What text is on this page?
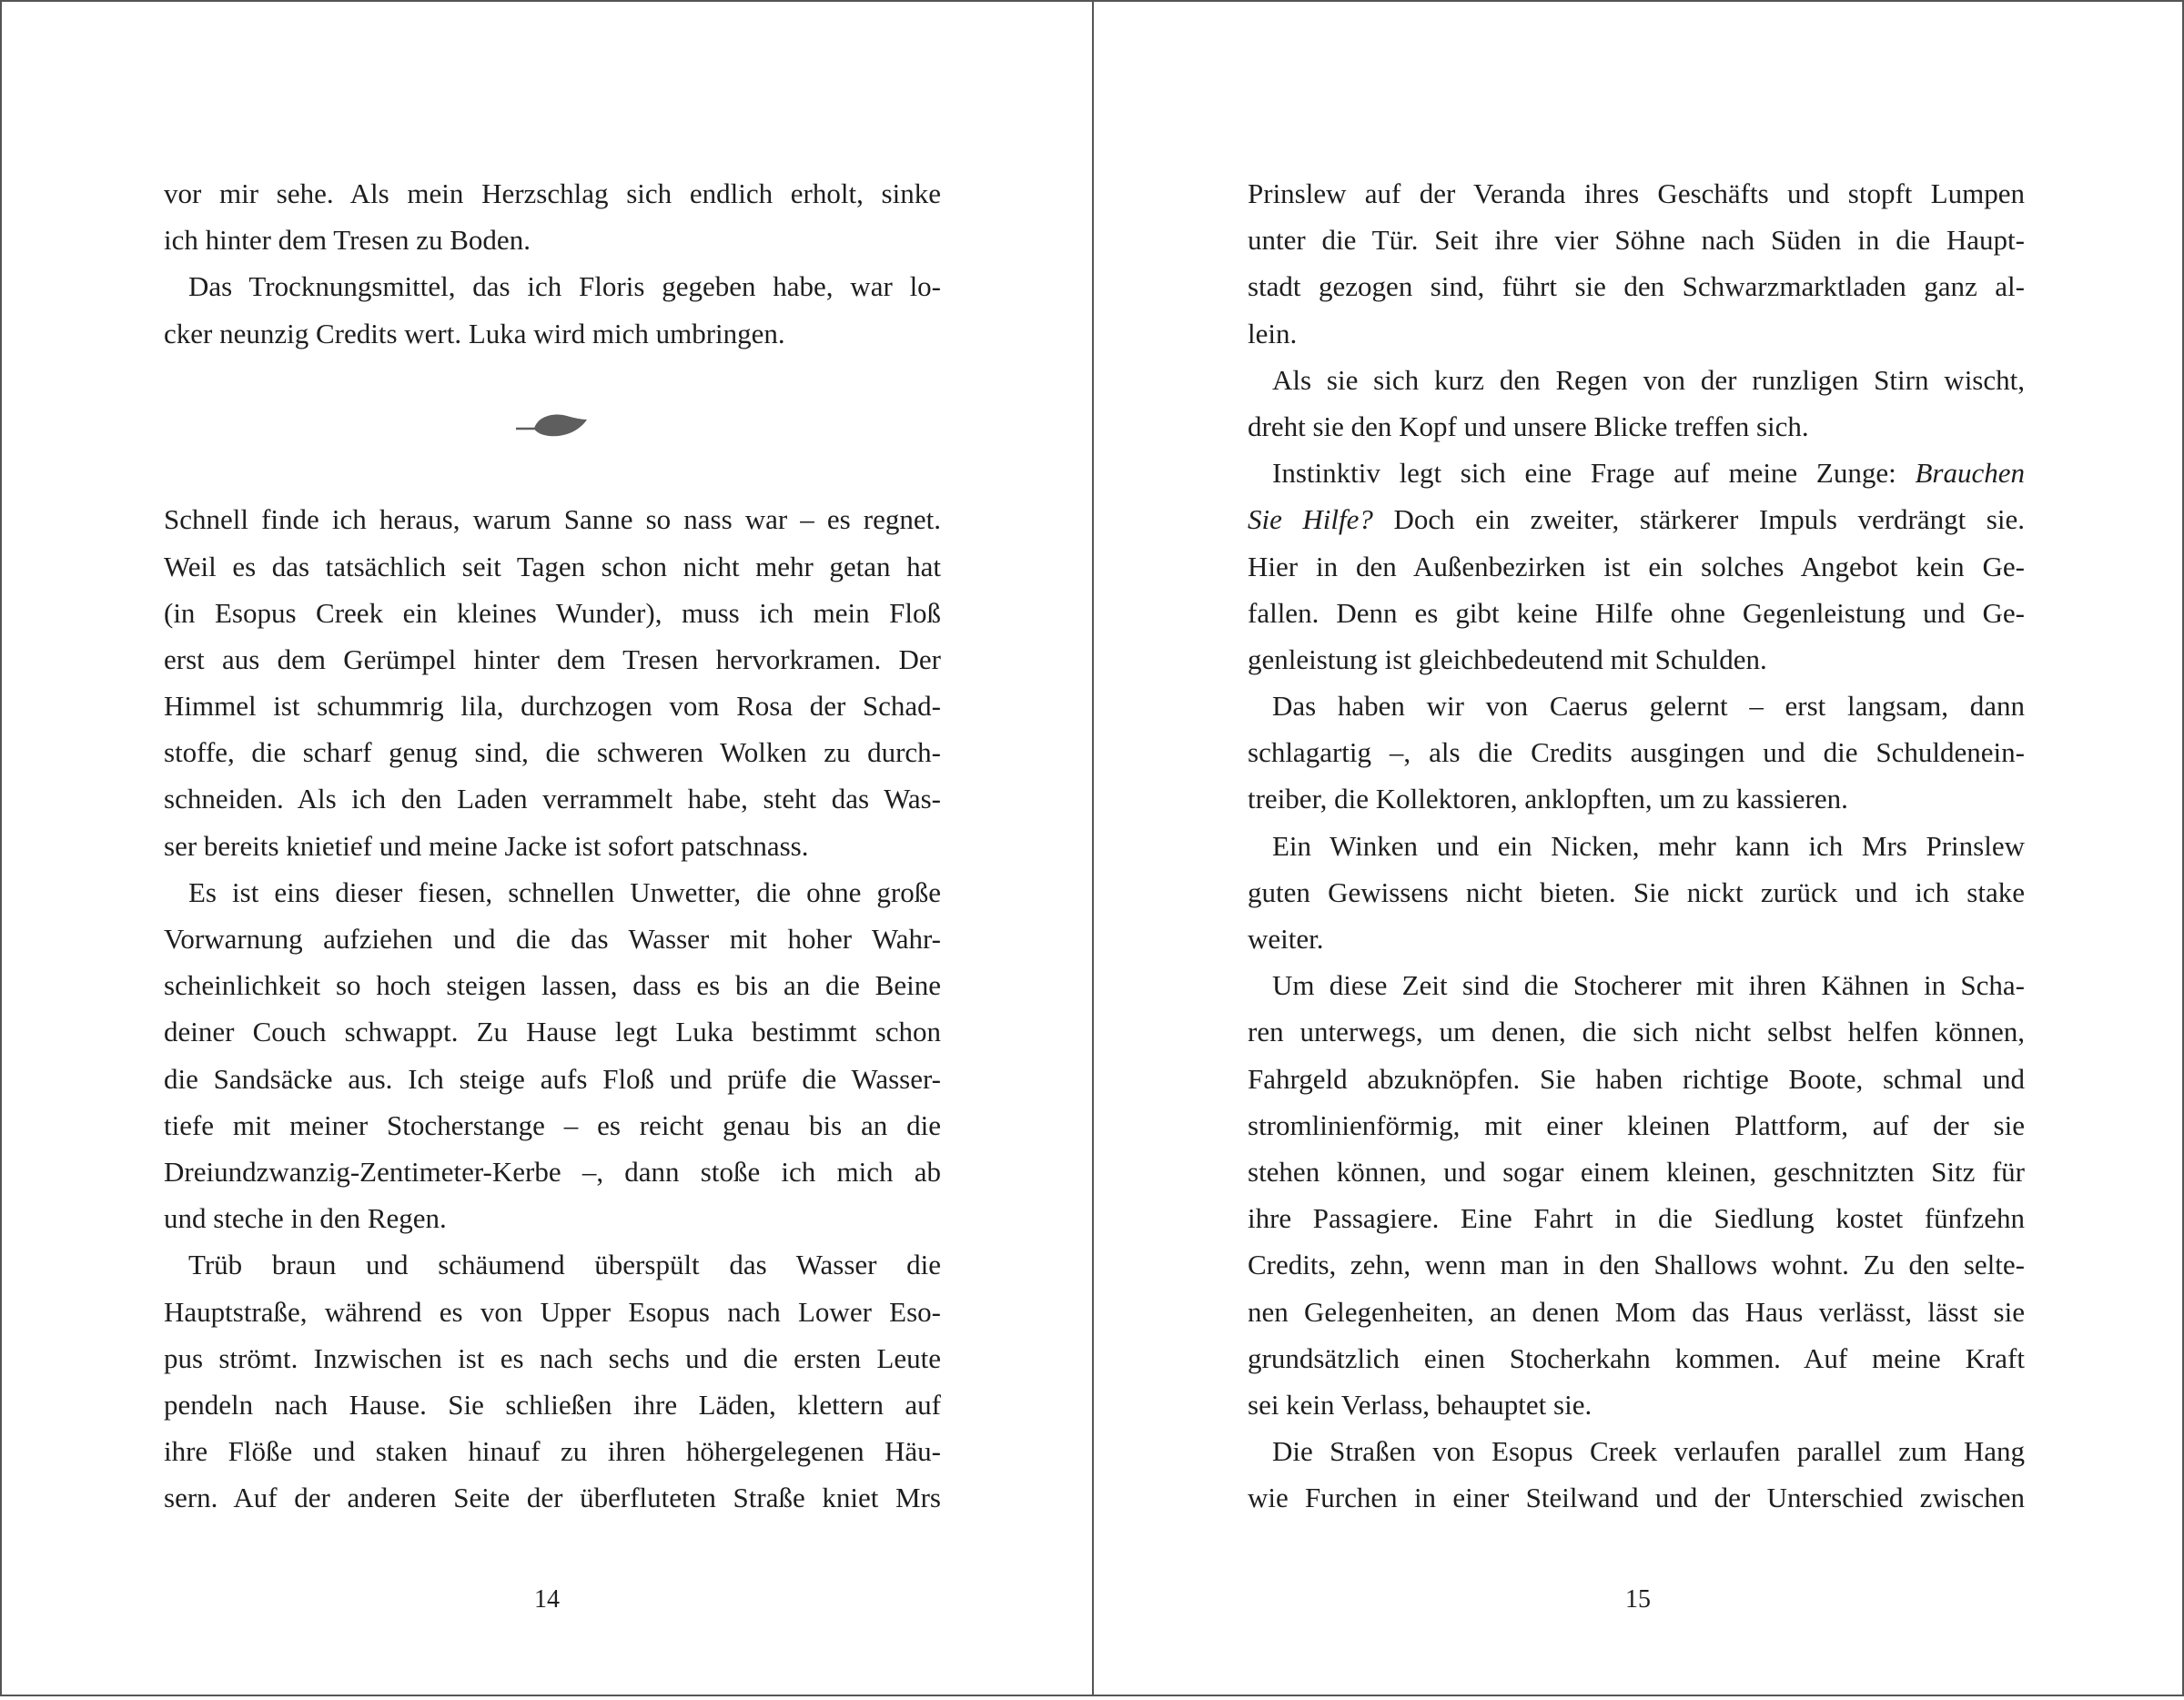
vor mir sehe. Als mein Herzschlag sich endlich erholt, sinke
ich hinter dem Tresen zu Boden.
Das Trocknungsmittel, das ich Floris gegeben habe, war lo-
cker neunzig Credits wert. Luka wird mich umbringen.
Schnell finde ich heraus, warum Sanne so nass war – es regnet.
Weil es das tatsächlich seit Tagen schon nicht mehr getan hat
(in Esopus Creek ein kleines Wunder), muss ich mein Floß
erst aus dem Gerümpel hinter dem Tresen hervorkramen. Der
Himmel ist schummrig lila, durchzogen vom Rosa der Schad-
stoffe, die scharf genug sind, die schweren Wolken zu durch-
schneiden. Als ich den Laden verrammelt habe, steht das Was-
ser bereits knietief und meine Jacke ist sofort patschnass.
Es ist eins dieser fiesen, schnellen Unwetter, die ohne große
Vorwarnung aufziehen und die das Wasser mit hoher Wahr-
scheinlichkeit so hoch steigen lassen, dass es bis an die Beine
deiner Couch schwappt. Zu Hause legt Luka bestimmt schon
die Sandsäcke aus. Ich steige aufs Floß und prüfe die Wasser-
tiefe mit meiner Stocherstange – es reicht genau bis an die
Dreiundzwanzig-Zentimeter-Kerbe –, dann stoße ich mich ab
und steche in den Regen.
Trüb braun und schäumend überspült das Wasser die
Hauptstraße, während es von Upper Esopus nach Lower Eso-
pus strömt. Inzwischen ist es nach sechs und die ersten Leute
pendeln nach Hause. Sie schließen ihre Läden, klettern auf
ihre Flöße und staken hinauf zu ihren höhergelegenen Häu-
sern. Auf der anderen Seite der überfluteten Straße kniet Mrs
14
Prinslew auf der Veranda ihres Geschäfts und stopft Lumpen
unter die Tür. Seit ihre vier Söhne nach Süden in die Haupt-
stadt gezogen sind, führt sie den Schwarzmarktladen ganz al-
lein.
Als sie sich kurz den Regen von der runzligen Stirn wischt,
dreht sie den Kopf und unsere Blicke treffen sich.
Instinktiv legt sich eine Frage auf meine Zunge: Brauchen
Sie Hilfe? Doch ein zweiter, stärkerer Impuls verdrängt sie.
Hier in den Außenbezirken ist ein solches Angebot kein Ge-
fallen. Denn es gibt keine Hilfe ohne Gegenleistung und Ge-
genleistung ist gleichbedeutend mit Schulden.
Das haben wir von Caerus gelernt – erst langsam, dann
schlagartig –, als die Credits ausgingen und die Schuldenein-
treiber, die Kollektoren, anklopften, um zu kassieren.
Ein Winken und ein Nicken, mehr kann ich Mrs Prinslew
guten Gewissens nicht bieten. Sie nickt zurück und ich stake
weiter.
Um diese Zeit sind die Stocherer mit ihren Kähnen in Scha-
ren unterwegs, um denen, die sich nicht selbst helfen können,
Fahrgeld abzuknöpfen. Sie haben richtige Boote, schmal und
stromlinienförmig, mit einer kleinen Plattform, auf der sie
stehen können, und sogar einem kleinen, geschnitzten Sitz für
ihre Passagiere. Eine Fahrt in die Siedlung kostet fünfzehn
Credits, zehn, wenn man in den Shallows wohnt. Zu den selte-
nen Gelegenheiten, an denen Mom das Haus verlässt, lässt sie
grundsätzlich einen Stocherkahn kommen. Auf meine Kraft
sei kein Verlass, behauptet sie.
Die Straßen von Esopus Creek verlaufen parallel zum Hang
wie Furchen in einer Steilwand und der Unterschied zwischen
15
